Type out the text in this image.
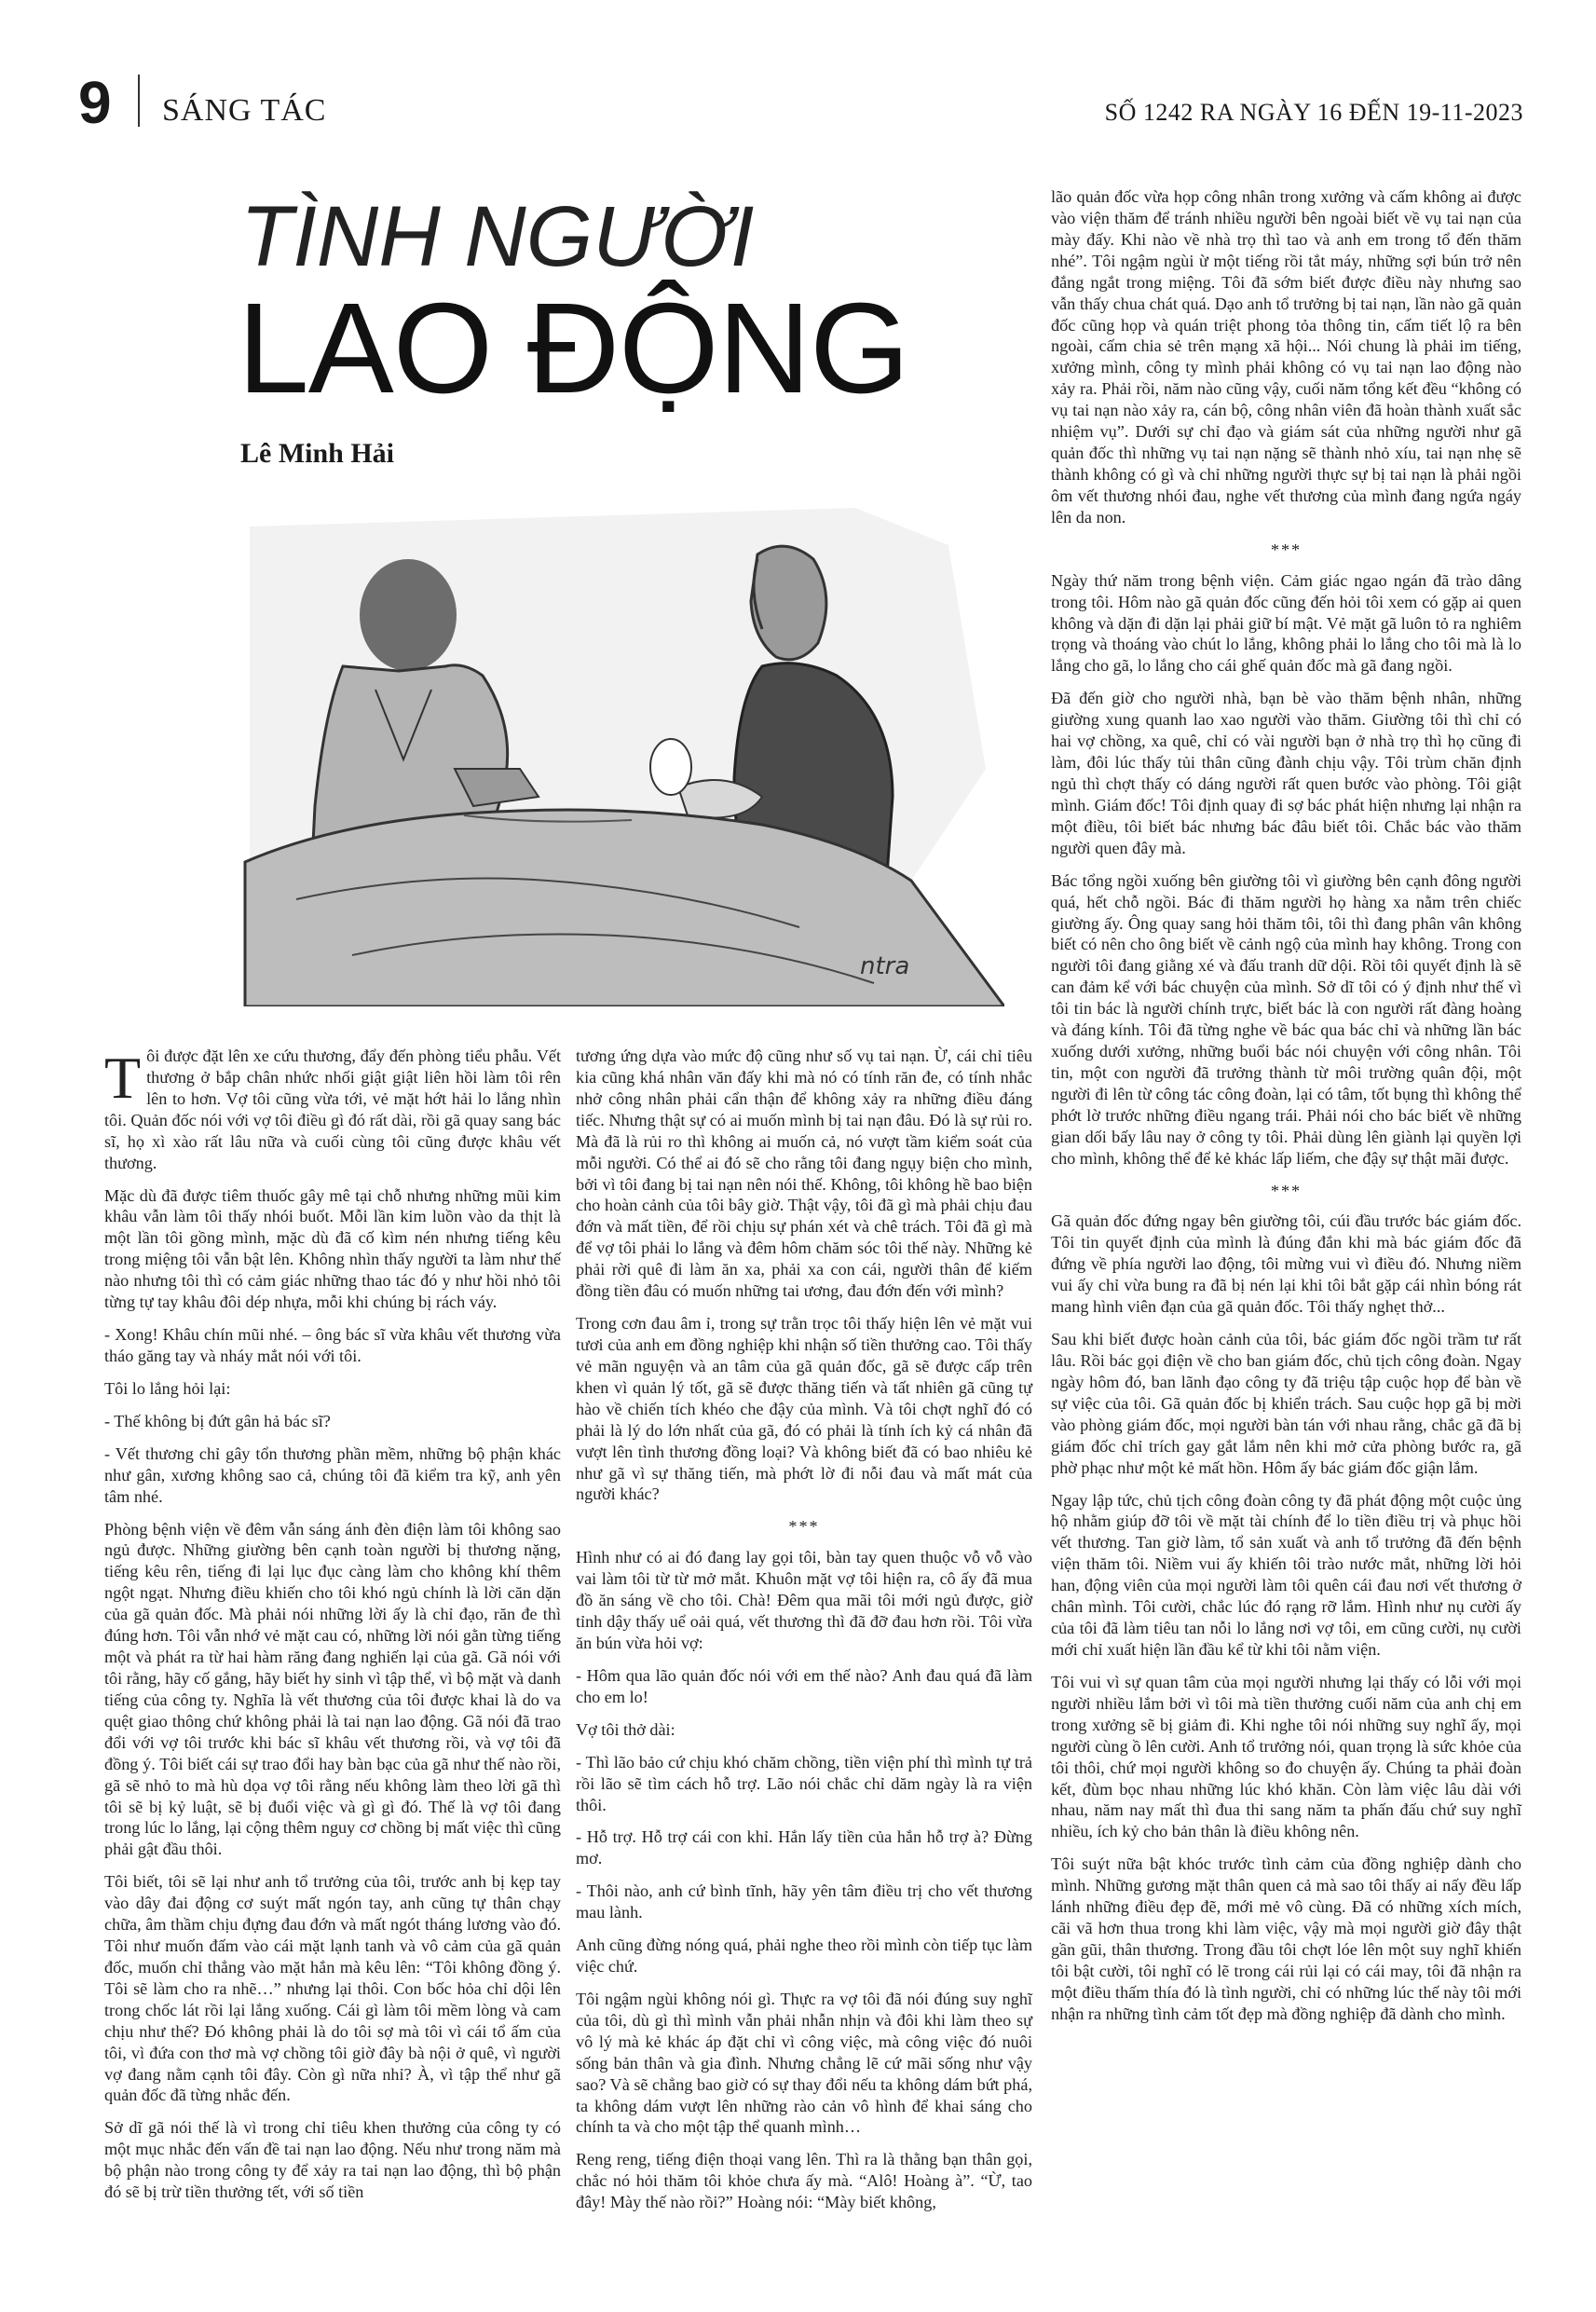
9 SÁNG TÁC	SỐ 1242 RA NGÀY 16 ĐẾN 19-11-2023
TÌNH NGƯỜI
LAO ĐỘNG
Lê Minh Hải
ntra

Tôi được đặt lên xe cứu thương, đẩy đến phòng tiểu phẫu. Vết thương ở bắp chân nhức nhối giật giật liên hồi làm tôi rên lên to hơn. Vợ tôi cũng vừa tới, vẻ mặt hớt hải lo lắng nhìn tôi. Quản đốc nói với vợ tôi điều gì đó rất dài, rồi gã quay sang bác sĩ, họ xì xào rất lâu nữa và cuối cùng tôi cũng được khâu vết thương.

Mặc dù đã được tiêm thuốc gây mê tại chỗ nhưng những mũi kim khâu vẫn làm tôi thấy nhói buốt. Mỗi lần kim luồn vào da thịt là một lần tôi gồng mình, mặc dù đã cố kìm nén nhưng tiếng kêu trong miệng tôi vẫn bật lên. Không nhìn thấy người ta làm như thế nào nhưng tôi thì có cảm giác những thao tác đó y như hồi nhỏ tôi từng tự tay khâu đôi dép nhựa, mỗi khi chúng bị rách váy.

- Xong! Khâu chín mũi nhé. – ông bác sĩ vừa khâu vết thương vừa tháo găng tay và nháy mắt nói với tôi.

Tôi lo lắng hỏi lại:

- Thế không bị đứt gân hả bác sĩ?

- Vết thương chỉ gây tổn thương phần mềm, những bộ phận khác như gân, xương không sao cả, chúng tôi đã kiểm tra kỹ, anh yên tâm nhé.

Phòng bệnh viện về đêm vẫn sáng ánh đèn điện làm tôi không sao ngủ được. Những giường bên cạnh toàn người bị thương nặng, tiếng kêu rên, tiếng đi lại lục đục càng làm cho không khí thêm ngột ngạt. Nhưng điều khiến cho tôi khó ngủ chính là lời căn dặn của gã quản đốc. Mà phải nói những lời ấy là chỉ đạo, răn đe thì đúng hơn. Tôi vẫn nhớ vẻ mặt cau có, những lời nói gằn từng tiếng một và phát ra từ hai hàm răng đang nghiến lại của gã. Gã nói với tôi rằng, hãy cố gắng, hãy biết hy sinh vì tập thể, vì bộ mặt và danh tiếng của công ty. Nghĩa là vết thương của tôi được khai là do va quệt giao thông chứ không phải là tai nạn lao động. Gã nói đã trao đổi với vợ tôi trước khi bác sĩ khâu vết thương rồi, và vợ tôi đã đồng ý. Tôi biết cái sự trao đổi hay bàn bạc của gã như thế nào rồi, gã sẽ nhỏ to mà hù dọa vợ tôi rằng nếu không làm theo lời gã thì tôi sẽ bị kỷ luật, sẽ bị đuổi việc và gì gì đó. Thế là vợ tôi đang trong lúc lo lắng, lại cộng thêm nguy cơ chồng bị mất việc thì cũng phải gật đầu thôi.

Tôi biết, tôi sẽ lại như anh tổ trưởng của tôi, trước anh bị kẹp tay vào dây đai động cơ suýt mất ngón tay, anh cũng tự thân chạy chữa, âm thầm chịu đựng đau đớn và mất ngót tháng lương vào đó. Tôi như muốn đấm vào cái mặt lạnh tanh và vô cảm của gã quản đốc, muốn chỉ thẳng vào mặt hắn mà kêu lên: “Tôi không đồng ý. Tôi sẽ làm cho ra nhẽ…” nhưng lại thôi. Con bốc hỏa chỉ dội lên trong chốc lát rồi lại lắng xuống. Cái gì làm tôi mềm lòng và cam chịu như thế? Đó không phải là do tôi sợ mà tôi vì cái tổ ấm của tôi, vì đứa con thơ mà vợ chồng tôi giờ đây bà nội ở quê, vì người vợ đang nằm cạnh tôi đây. Còn gì nữa nhỉ? À, vì tập thể như gã quản đốc đã từng nhắc đến.

Sở dĩ gã nói thế là vì trong chỉ tiêu khen thưởng của công ty có một mục nhắc đến vấn đề tai nạn lao động. Nếu như trong năm mà bộ phận nào trong công ty để xảy ra tai nạn lao động, thì bộ phận đó sẽ bị trừ tiền thưởng tết, với số tiền

tương ứng dựa vào mức độ cũng như số vụ tai nạn. Ừ, cái chỉ tiêu kia cũng khá nhân văn đấy khi mà nó có tính răn đe, có tính nhắc nhở công nhân phải cẩn thận để không xảy ra những điều đáng tiếc. Nhưng thật sự có ai muốn mình bị tai nạn đâu. Đó là sự rủi ro. Mà đã là rủi ro thì không ai muốn cả, nó vượt tầm kiểm soát của mỗi người. Có thể ai đó sẽ cho rằng tôi đang ngụy biện cho mình, bởi vì tôi đang bị tai nạn nên nói thế. Không, tôi không hề bao biện cho hoàn cảnh của tôi bây giờ. Thật vậy, tôi đã gì mà phải chịu đau đớn và mất tiền, để rồi chịu sự phán xét và chê trách. Tôi đã gì mà để vợ tôi phải lo lắng và đêm hôm chăm sóc tôi thế này. Những kẻ phải rời quê đi làm ăn xa, phải xa con cái, người thân để kiếm đồng tiền đâu có muốn những tai ương, đau đớn đến với mình?

Trong cơn đau âm ỉ, trong sự trằn trọc tôi thấy hiện lên vẻ mặt vui tươi của anh em đồng nghiệp khi nhận số tiền thưởng cao. Tôi thấy vẻ mãn nguyện và an tâm của gã quản đốc, gã sẽ được cấp trên khen vì quản lý tốt, gã sẽ được thăng tiến và tất nhiên gã cũng tự hào về chiến tích khéo che đậy của mình. Và tôi chợt nghĩ đó có phải là lý do lớn nhất của gã, đó có phải là tính ích kỷ cá nhân đã vượt lên tình thương đồng loại? Và không biết đã có bao nhiêu kẻ như gã vì sự thăng tiến, mà phớt lờ đi nỗi đau và mất mát của người khác?

***

Hình như có ai đó đang lay gọi tôi, bàn tay quen thuộc vỗ vỗ vào vai làm tôi từ từ mở mắt. Khuôn mặt vợ tôi hiện ra, cô ấy đã mua đồ ăn sáng về cho tôi. Chà! Đêm qua mãi tôi mới ngủ được, giờ tỉnh dậy thấy uể oải quá, vết thương thì đã đỡ đau hơn rồi. Tôi vừa ăn bún vừa hỏi vợ:

- Hôm qua lão quản đốc nói với em thế nào? Anh đau quá đã làm cho em lo!

Vợ tôi thở dài:

- Thì lão bảo cứ chịu khó chăm chồng, tiền viện phí thì mình tự trả rồi lão sẽ tìm cách hỗ trợ. Lão nói chắc chỉ dăm ngày là ra viện thôi.

- Hỗ trợ. Hỗ trợ cái con khỉ. Hắn lấy tiền của hắn hỗ trợ à? Đừng mơ.

- Thôi nào, anh cứ bình tĩnh, hãy yên tâm điều trị cho vết thương mau lành.

Anh cũng đừng nóng quá, phải nghe theo rồi mình còn tiếp tục làm việc chứ.

Tôi ngậm ngùi không nói gì. Thực ra vợ tôi đã nói đúng suy nghĩ của tôi, dù gì thì mình vẫn phải nhẫn nhịn và đôi khi làm theo sự vô lý mà kẻ khác áp đặt chỉ vì công việc, mà công việc đó nuôi sống bản thân và gia đình. Nhưng chẳng lẽ cứ mãi sống như vậy sao? Và sẽ chẳng bao giờ có sự thay đổi nếu ta không dám bứt phá, ta không dám vượt lên những rào cản vô hình để khai sáng cho chính ta và cho một tập thể quanh mình…

Reng reng, tiếng điện thoại vang lên. Thì ra là thằng bạn thân gọi, chắc nó hỏi thăm tôi khỏe chưa ấy mà. “Alô! Hoàng à”. “Ừ, tao đây! Mày thế nào rồi?” Hoàng nói: “Mày biết không,

lão quản đốc vừa họp công nhân trong xưởng và cấm không ai được vào viện thăm để tránh nhiều người bên ngoài biết về vụ tai nạn của mày đấy. Khi nào về nhà trọ thì tao và anh em trong tổ đến thăm nhé”. Tôi ngậm ngùi ừ một tiếng rồi tắt máy, những sợi bún trở nên đắng ngắt trong miệng. Tôi đã sớm biết được điều này nhưng sao vẫn thấy chua chát quá. Dạo anh tổ trưởng bị tai nạn, lần nào gã quản đốc cũng họp và quán triệt phong tỏa thông tin, cấm tiết lộ ra bên ngoài, cấm chia sẻ trên mạng xã hội... Nói chung là phải im tiếng, xưởng mình, công ty mình phải không có vụ tai nạn lao động nào xảy ra. Phải rồi, năm nào cũng vậy, cuối năm tổng kết đều “không có vụ tai nạn nào xảy ra, cán bộ, công nhân viên đã hoàn thành xuất sắc nhiệm vụ”. Dưới sự chỉ đạo và giám sát của những người như gã quản đốc thì những vụ tai nạn nặng sẽ thành nhỏ xíu, tai nạn nhẹ sẽ thành không có gì và chỉ những người thực sự bị tai nạn là phải ngồi ôm vết thương nhói đau, nghe vết thương của mình đang ngứa ngáy lên da non.

***

Ngày thứ năm trong bệnh viện. Cảm giác ngao ngán đã trào dâng trong tôi. Hôm nào gã quản đốc cũng đến hỏi tôi xem có gặp ai quen không và dặn đi dặn lại phải giữ bí mật. Vẻ mặt gã luôn tỏ ra nghiêm trọng và thoáng vào chút lo lắng, không phải lo lắng cho tôi mà là lo lắng cho gã, lo lắng cho cái ghế quản đốc mà gã đang ngồi.

Đã đến giờ cho người nhà, bạn bè vào thăm bệnh nhân, những giường xung quanh lao xao người vào thăm. Giường tôi thì chỉ có hai vợ chồng, xa quê, chỉ có vài người bạn ở nhà trọ thì họ cũng đi làm, đôi lúc thấy tủi thân cũng đành chịu vậy. Tôi trùm chăn định ngủ thì chợt thấy có dáng người rất quen bước vào phòng. Tôi giật mình. Giám đốc! Tôi định quay đi sợ bác phát hiện nhưng lại nhận ra một điều, tôi biết bác nhưng bác đâu biết tôi. Chắc bác vào thăm người quen đây mà.

Bác tổng ngồi xuống bên giường tôi vì giường bên cạnh đông người quá, hết chỗ ngồi. Bác đi thăm người họ hàng xa nằm trên chiếc giường ấy. Ông quay sang hỏi thăm tôi, tôi thì đang phân vân không biết có nên cho ông biết về cảnh ngộ của mình hay không. Trong con người tôi đang giằng xé và đấu tranh dữ dội. Rồi tôi quyết định là sẽ can đảm kể với bác chuyện của mình. Sở dĩ tôi có ý định như thế vì tôi tin bác là người chính trực, biết bác là con người rất đàng hoàng và đáng kính. Tôi đã từng nghe về bác qua bác chỉ và những lần bác xuống dưới xưởng, những buổi bác nói chuyện với công nhân. Tôi tin, một con người đã trưởng thành từ môi trường quân đội, một người đi lên từ công tác công đoàn, lại có tâm, tốt bụng thì không thể phớt lờ trước những điều ngang trái. Phải nói cho bác biết về những gian dối bấy lâu nay ở công ty tôi. Phải dùng lên giành lại quyền lợi cho mình, không thể để kẻ khác lấp liếm, che đậy sự thật mãi được.

***

Gã quản đốc đứng ngay bên giường tôi, cúi đầu trước bác giám đốc. Tôi tin quyết định của mình là đúng đắn khi mà bác giám đốc đã đứng về phía người lao động, tôi mừng vui vì điều đó. Nhưng niềm vui ấy chỉ vừa bung ra đã bị nén lại khi tôi bắt gặp cái nhìn bóng rát mang hình viên đạn của gã quản đốc. Tôi thấy nghẹt thở...

Sau khi biết được hoàn cảnh của tôi, bác giám đốc ngồi trầm tư rất lâu. Rồi bác gọi điện về cho ban giám đốc, chủ tịch công đoàn. Ngay ngày hôm đó, ban lãnh đạo công ty đã triệu tập cuộc họp để bàn về sự việc của tôi. Gã quản đốc bị khiển trách. Sau cuộc họp gã bị mời vào phòng giám đốc, mọi người bàn tán với nhau rằng, chắc gã đã bị giám đốc chỉ trích gay gắt lắm nên khi mở cửa phòng bước ra, gã phờ phạc như một kẻ mất hồn. Hôm ấy bác giám đốc giận lắm.

Ngay lập tức, chủ tịch công đoàn công ty đã phát động một cuộc ủng hộ nhằm giúp đỡ tôi về mặt tài chính để lo tiền điều trị và phục hồi vết thương. Tan giờ làm, tổ sản xuất và anh tổ trưởng đã đến bệnh viện thăm tôi. Niềm vui ấy khiến tôi trào nước mắt, những lời hỏi han, động viên của mọi người làm tôi quên cái đau nơi vết thương ở chân mình. Tôi cười, chắc lúc đó rạng rỡ lắm. Hình như nụ cười ấy của tôi đã làm tiêu tan nỗi lo lắng nơi vợ tôi, em cũng cười, nụ cười mới chỉ xuất hiện lần đầu kể từ khi tôi nằm viện.

Tôi vui vì sự quan tâm của mọi người nhưng lại thấy có lỗi với mọi người nhiều lắm bởi vì tôi mà tiền thưởng cuối năm của anh chị em trong xưởng sẽ bị giảm đi. Khi nghe tôi nói những suy nghĩ ấy, mọi người cùng ồ lên cười. Anh tổ trưởng nói, quan trọng là sức khỏe của tôi thôi, chứ mọi người không so đo chuyện ấy. Chúng ta phải đoàn kết, đùm bọc nhau những lúc khó khăn. Còn làm việc lâu dài với nhau, năm nay mất thì đua thi sang năm ta phấn đấu chứ suy nghĩ nhiều, ích kỷ cho bản thân là điều không nên.

Tôi suýt nữa bật khóc trước tình cảm của đồng nghiệp dành cho mình. Những gương mặt thân quen cả mà sao tôi thấy ai nấy đều lấp lánh những điều đẹp đẽ, mới mẻ vô cùng. Đã có những xích mích, cãi vã hơn thua trong khi làm việc, vậy mà mọi người giờ đây thật gần gũi, thân thương. Trong đầu tôi chợt lóe lên một suy nghĩ khiến tôi bật cười, tôi nghĩ có lẽ trong cái rủi lại có cái may, tôi đã nhận ra một điều thấm thía đó là tình người, chỉ có những lúc thế này tôi mới nhận ra những tình cảm tốt đẹp mà đồng nghiệp đã dành cho mình.
